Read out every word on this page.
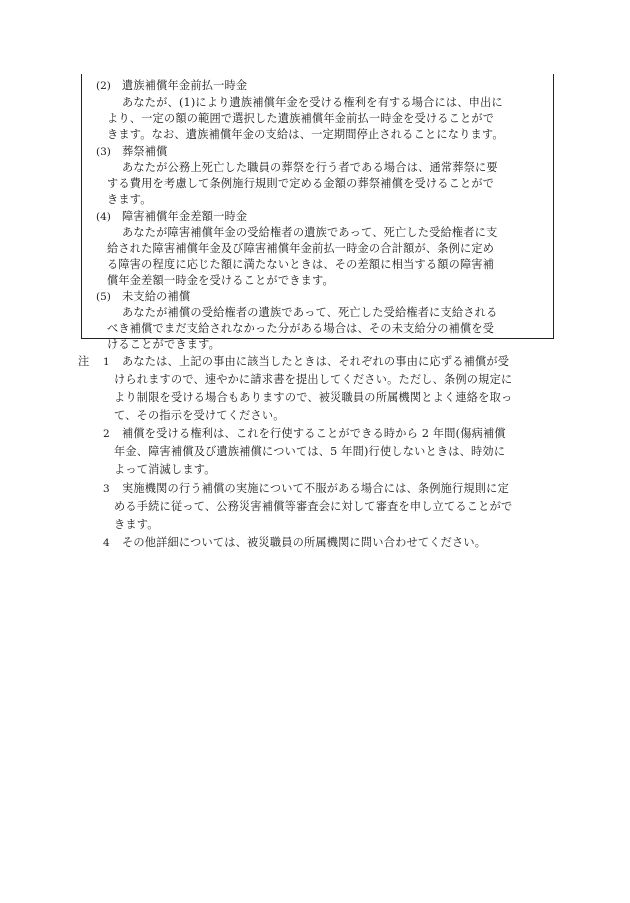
(2) 遺族補償年金前払一時金
あなたが、(1)により遺族補償年金を受ける権利を有する場合には、申出に
より、一定の額の範囲で選択した遺族補償年金前払一時金を受けることがで
きます。なお、遺族補償年金の支給は、一定期間停止されることになります。
(3) 葬祭補償
あなたが公務上死亡した職員の葬祭を行う者である場合は、通常葬祭に要
する費用を考慮して条例施行規則で定める金額の葬祭補償を受けることがで
きます。
(4) 障害補償年金差額一時金
あなたが障害補償年金の受給権者の遺族であって、死亡した受給権者に支
給された障害補償年金及び障害補償年金前払一時金の合計額が、条例に定め
る障害の程度に応じた額に満たないときは、その差額に相当する額の障害補
償年金差額一時金を受けることができます。
(5) 未支給の補償
あなたが補償の受給権者の遺族であって、死亡した受給権者に支給される
べき補償でまだ支給されなかった分がある場合は、その未支給分の補償を受
けることができます。
注 1 あなたは、上記の事由に該当したときは、それぞれの事由に応ずる補償が受
けられますので、速やかに請求書を提出してください。ただし、条例の規定に
より制限を受ける場合もありますので、被災職員の所属機関とよく連絡を取っ
て、その指示を受けてください。
2 補償を受ける権利は、これを行使することができる時から 2 年間(傷病補償
年金、障害補償及び遺族補償については、5 年間)行使しないときは、時効に
よって消滅します。
3 実施機関の行う補償の実施について不服がある場合には、条例施行規則に定
める手続に従って、公務災害補償等審査会に対して審査を申し立てることがで
きます。
4 その他詳細については、被災職員の所属機関に問い合わせてください。
